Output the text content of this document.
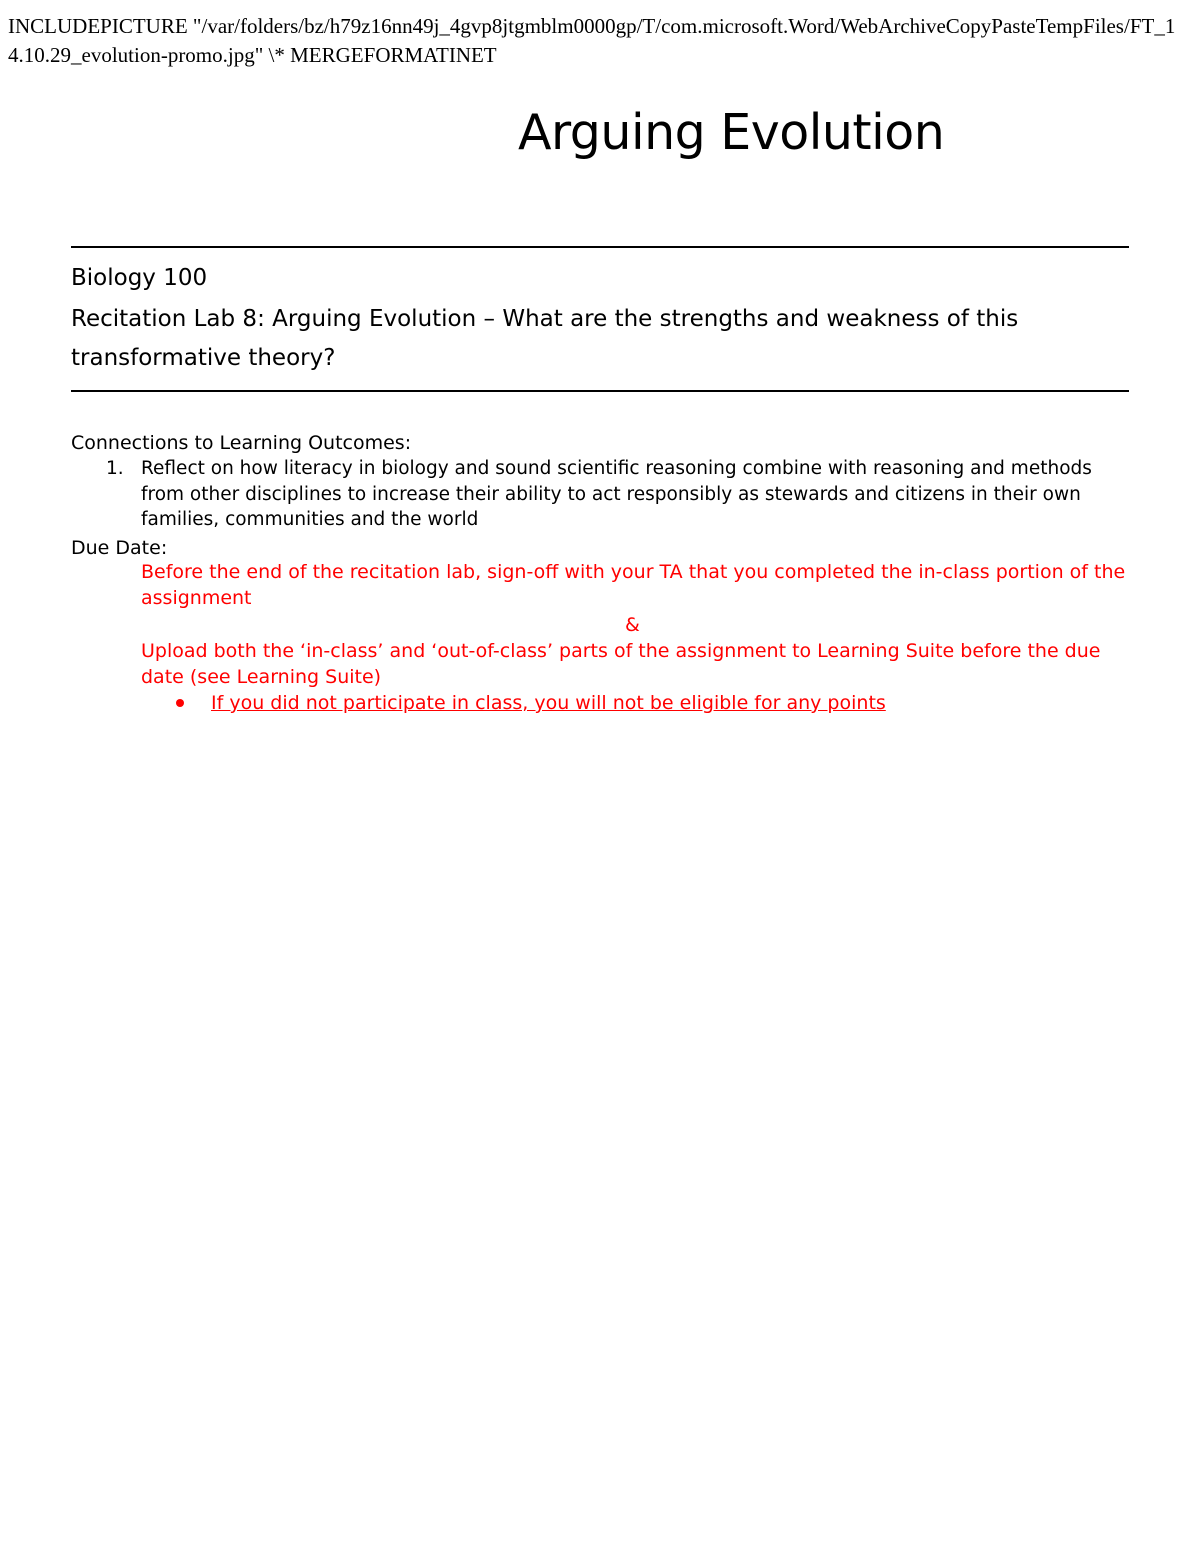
INCLUDEPICTURE "/var/folders/bz/h79z16nn49j_4gvp8jtgmblm0000gp/T/com.microsoft.Word/WebArchiveCopyPasteTempFiles/FT_14.10.29_evolution-promo.jpg" \* MERGEFORMATINET
Arguing Evolution
Biology 100
Recitation Lab 8: Arguing Evolution – What are the strengths and weakness of this transformative theory?
Connections to Learning Outcomes:
1. Reflect on how literacy in biology and sound scientific reasoning combine with reasoning and methods from other disciplines to increase their ability to act responsibly as stewards and citizens in their own families, communities and the world
Due Date:
Before the end of the recitation lab, sign-off with your TA that you completed the in-class portion of the assignment
&
Upload both the ‘in-class’ and ‘out-of-class’ parts of the assignment to Learning Suite before the due date (see Learning Suite)
If you did not participate in class, you will not be eligible for any points
